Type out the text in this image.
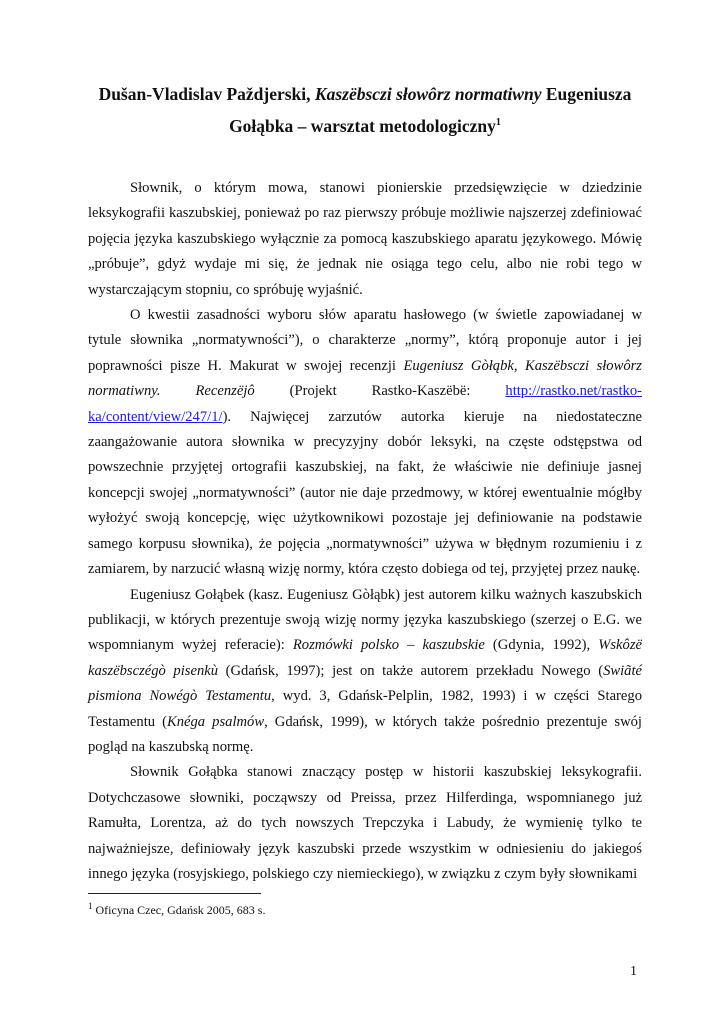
Dušan-Vladislav Paždjerski, Kaszëbsczi słowôrz normatiwny Eugeniusza
Gołąbka – warsztat metodologiczny$^1$

Słownik, o którym mowa, stanowi pionierskie przedsięwzięcie w dziedzinie leksykografii kaszubskiej, ponieważ po raz pierwszy próbuje możliwie najszerzej zdefiniować pojęcia języka kaszubskiego wyłącznie za pomocą kaszubskiego aparatu językowego. Mówię „próbuje”, gdyż wydaje mi się, że jednak nie osiąga tego celu, albo nie robi tego w wystarczającym stopniu, co spróbuję wyjaśnić.

O kwestii zasadności wyboru słów aparatu hasłowego (w świetle zapowiadanej w tytule słownika „normatywności”), o charakterze „normy”, którą proponuje autor i jej poprawności pisze H. Makurat w swojej recenzji Eugeniusz Gòłąbk, Kaszëbsczi słowôrz normatiwny. Recenzëjô (Projekt Rastko-Kaszëbë: http://rastko.net/rastko-ka/content/view/247/1/). Najwięcej zarzutów autorka kieruje na niedostateczne zaangażowanie autora słownika w precyzyjny dobór leksyki, na częste odstępstwa od powszechnie przyjętej ortografii kaszubskiej, na fakt, że właściwie nie definiuje jasnej koncepcji swojej „normatywności” (autor nie daje przedmowy, w której ewentualnie mógłby wyłożyć swoją koncepcję, więc użytkownikowi pozostaje jej definiowanie na podstawie samego korpusu słownika), że pojęcia „normatywności” używa w błędnym rozumieniu i z zamiarem, by narzucić własną wizję normy, która często dobiega od tej, przyjętej przez naukę.

Eugeniusz Gołąbek (kasz. Eugeniusz Gòłąbk) jest autorem kilku ważnych kaszubskich publikacji, w których prezentuje swoją wizję normy języka kaszubskiego (szerzej o E.G. we wspomnianym wyżej referacie): Rozmówki polsko – kaszubskie (Gdynia, 1992), Wskôzë kaszëbsczégò pisenkù (Gdańsk, 1997); jest on także autorem przekładu Nowego (Swiãté pismiona Nowégò Testamentu, wyd. 3, Gdańsk-Pelplin, 1982, 1993) i w części Starego Testamentu (Knéga psalmów, Gdańsk, 1999), w których także pośrednio prezentuje swój pogląd na kaszubską normę.

Słownik Gołąbka stanowi znaczący postęp w historii kaszubskiej leksykografii. Dotychczasowe słowniki, począwszy od Preissa, przez Hilferdinga, wspomnianego już Ramułta, Lorentza, aż do tych nowszych Trepczyka i Labudy, że wymienię tylko te najważniejsze, definiowały język kaszubski przede wszystkim w odniesieniu do jakiegoś innego języka (rosyjskiego, polskiego czy niemieckiego), w związku z czym były słownikami

$^1$ Oficyna Czec, Gdańsk 2005, 683 s.
1
